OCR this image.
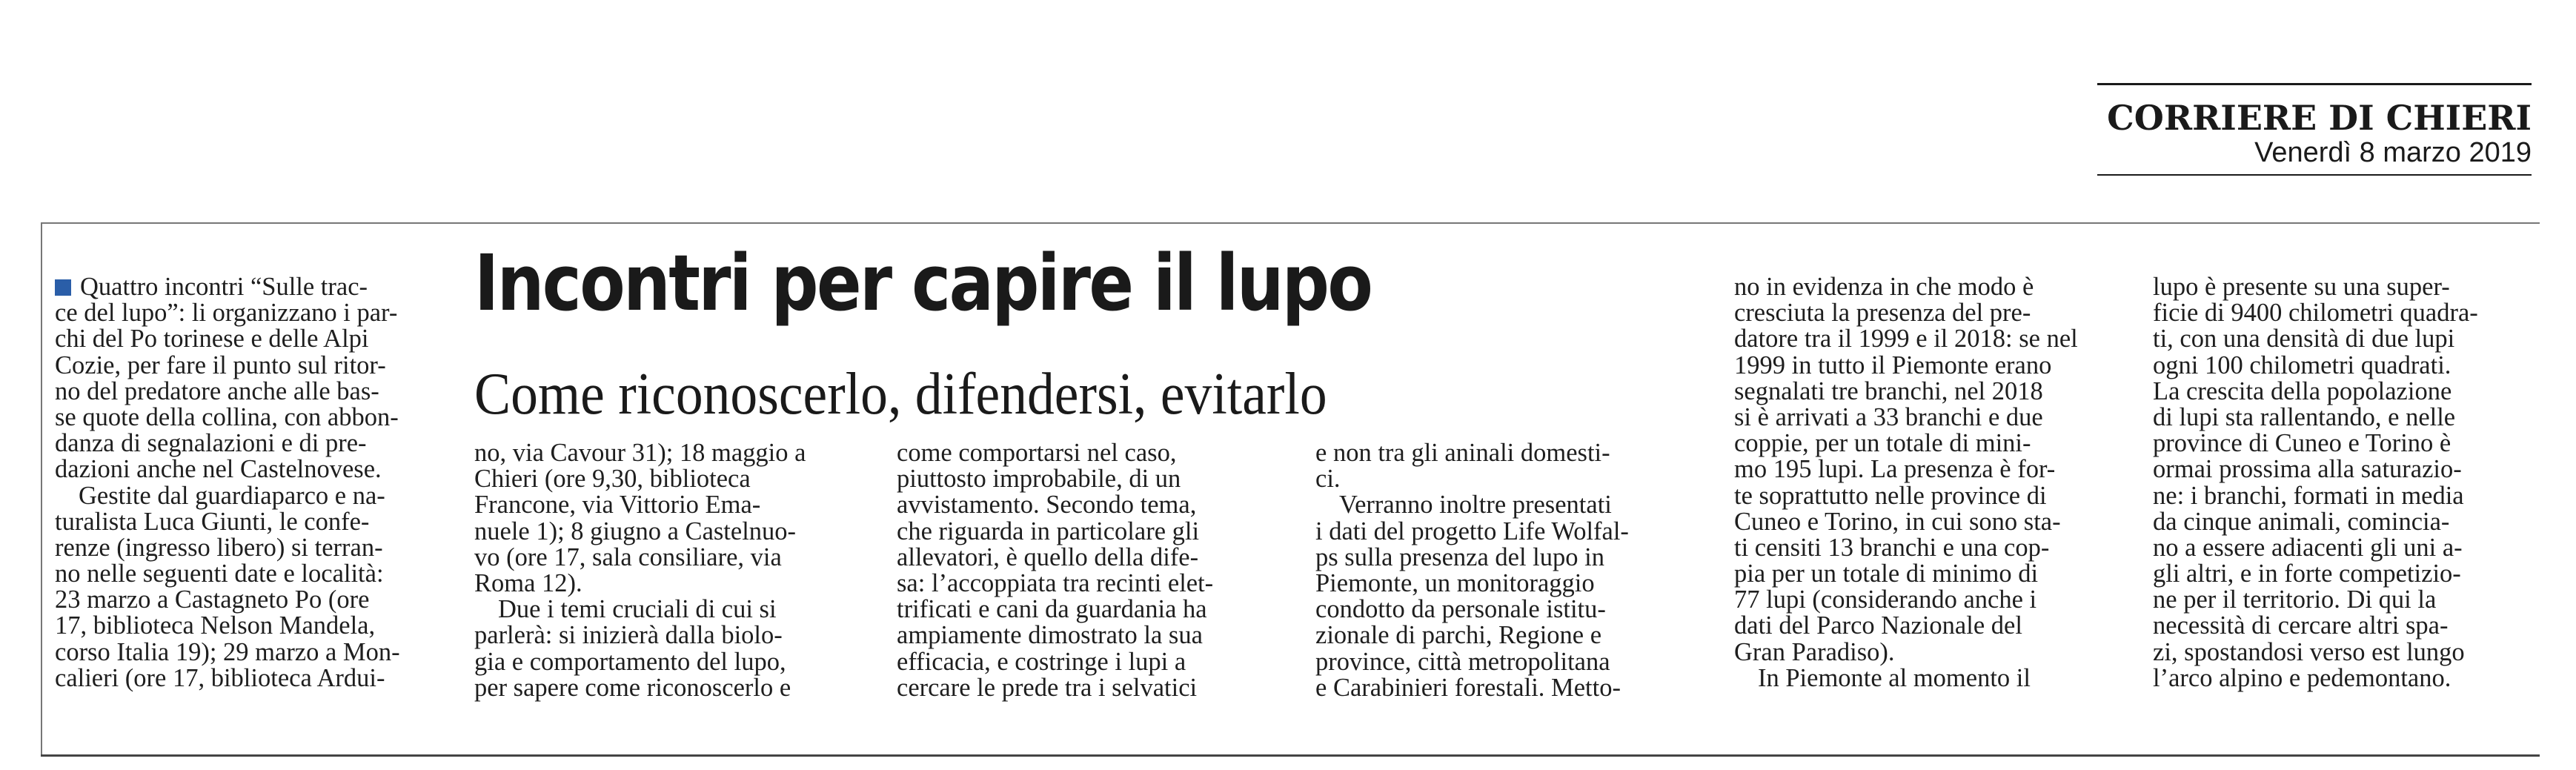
CORRIERE DI CHIERI
Venerdì 8 marzo 2019
Incontri per capire il lupo
Come riconoscerlo, difendersi, evitarlo
Quattro incontri “Sulle trac-
ce del lupo”: li organizzano i par-
chi del Po torinese e delle Alpi
Cozie, per fare il punto sul ritor-
no del predatore anche alle bas-
se quote della collina, con abbon-
danza di segnalazioni e di pre-
dazioni anche nel Castelnovese.
Gestite dal guardiaparco e na-
turalista Luca Giunti, le confe-
renze (ingresso libero) si terran-
no nelle seguenti date e località:
23 marzo a Castagneto Po (ore
17, biblioteca Nelson Mandela,
corso Italia 19); 29 marzo a Mon-
calieri (ore 17, biblioteca Ardui-
no, via Cavour 31); 18 maggio a
Chieri (ore 9,30, biblioteca
Francone, via Vittorio Ema-
nuele 1); 8 giugno a Castelnuo-
vo (ore 17, sala consiliare, via
Roma 12).
Due i temi cruciali di cui si
parlerà: si inizierà dalla biolo-
gia e comportamento del lupo,
per sapere come riconoscerlo e
come comportarsi nel caso,
piuttosto improbabile, di un
avvistamento. Secondo tema,
che riguarda in particolare gli
allevatori, è quello della dife-
sa: l’accoppiata tra recinti elet-
trificati e cani da guardania ha
ampiamente dimostrato la sua
efficacia, e costringe i lupi a
cercare le prede tra i selvatici
e non tra gli aninali domesti-
ci.
Verranno inoltre presentati
i dati del progetto Life Wolfal-
ps sulla presenza del lupo in
Piemonte, un monitoraggio
condotto da personale istitu-
zionale di parchi, Regione e
province, città metropolitana
e Carabinieri forestali. Metto-
no in evidenza in che modo è
cresciuta la presenza del pre-
datore tra il 1999 e il 2018: se nel
1999 in tutto il Piemonte erano
segnalati tre branchi, nel 2018
si è arrivati a 33 branchi e due
coppie, per un totale di mini-
mo 195 lupi. La presenza è for-
te soprattutto nelle province di
Cuneo e Torino, in cui sono sta-
ti censiti 13 branchi e una cop-
pia per un totale di minimo di
77 lupi (considerando anche i
dati del Parco Nazionale del
Gran Paradiso).
In Piemonte al momento il
lupo è presente su una super-
ficie di 9400 chilometri quadra-
ti, con una densità di due lupi
ogni 100 chilometri quadrati.
La crescita della popolazione
di lupi sta rallentando, e nelle
province di Cuneo e Torino è
ormai prossima alla saturazio-
ne: i branchi, formati in media
da cinque animali, comincia-
no a essere adiacenti gli uni a-
gli altri, e in forte competizio-
ne per il territorio. Di qui la
necessità di cercare altri spa-
zi, spostandosi verso est lungo
l’arco alpino e pedemontano.
